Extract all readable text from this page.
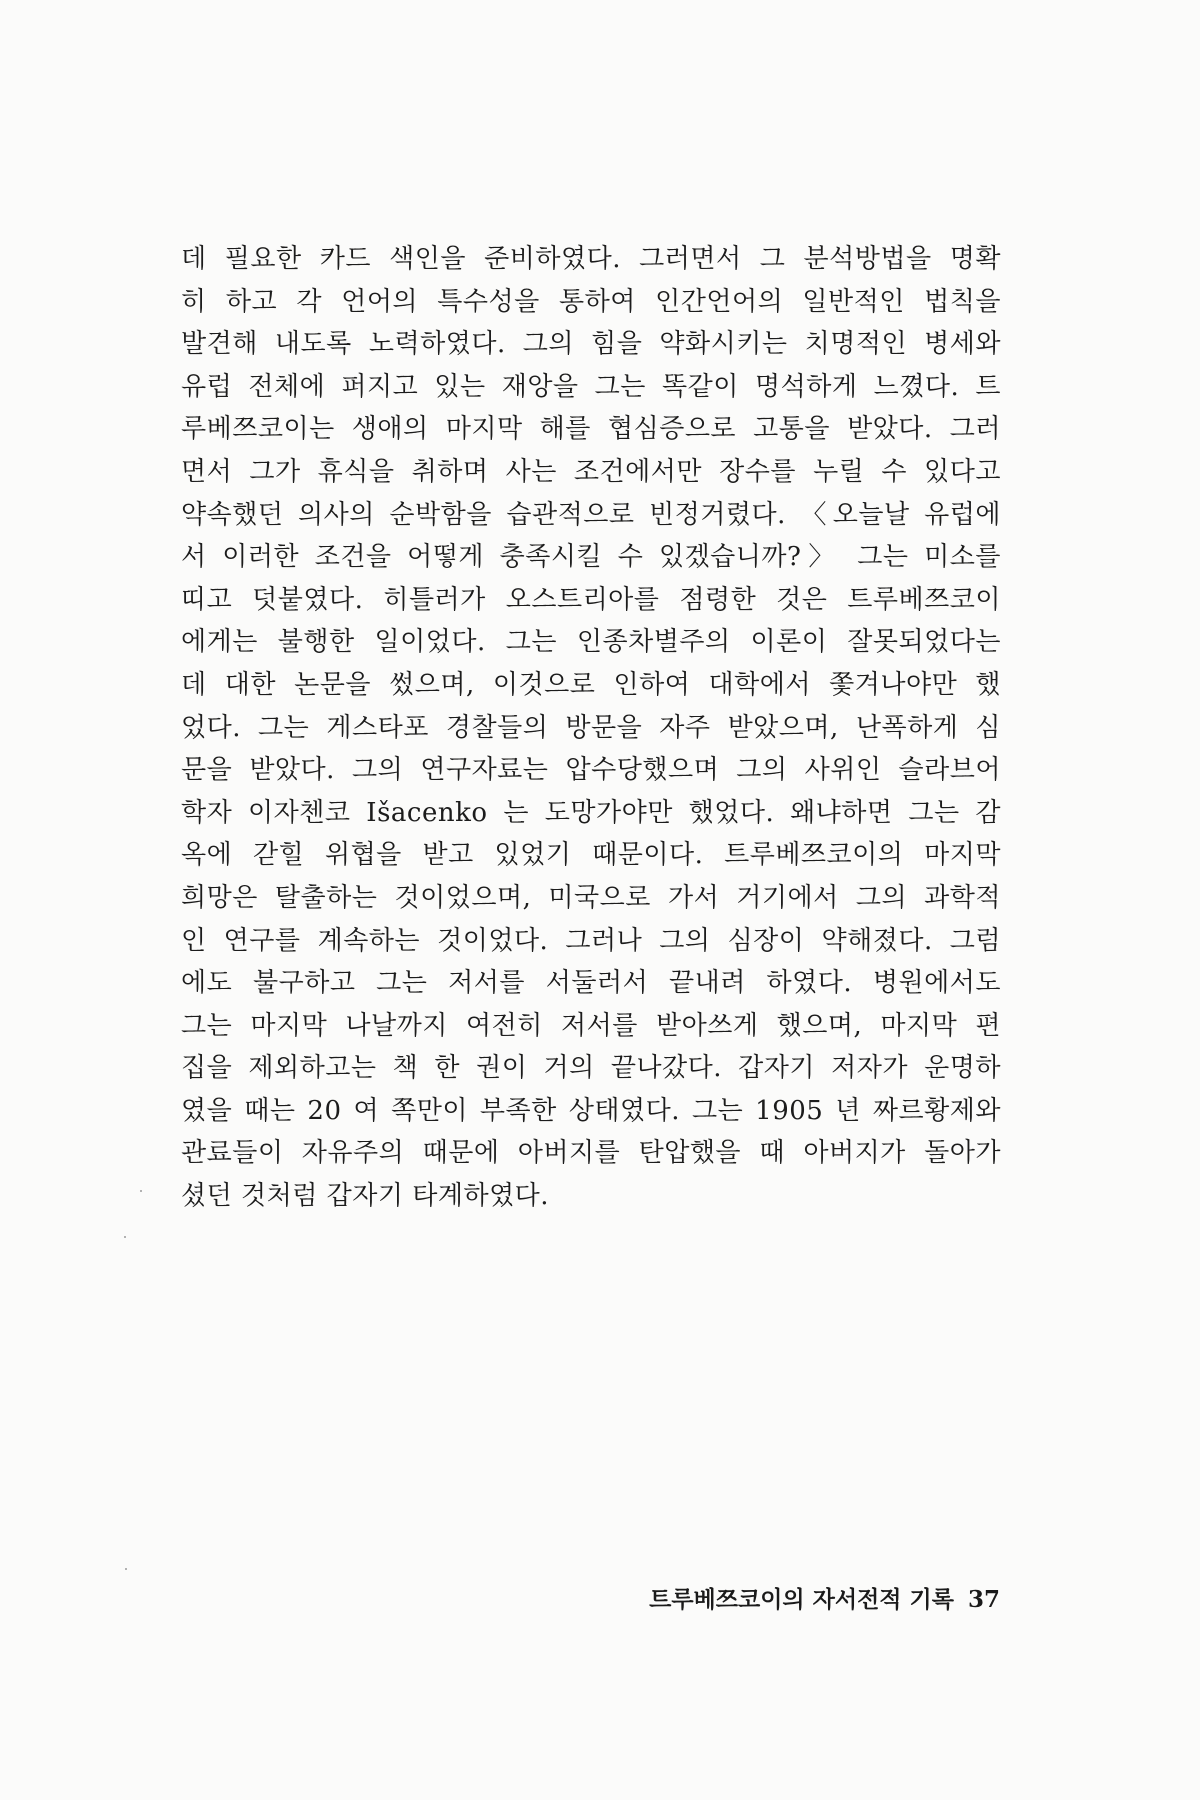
데 필요한 카드 색인을 준비하였다. 그러면서 그 분석방법을 명확
히 하고 각 언어의 특수성을 통하여 인간언어의 일반적인 법칙을
발견해 내도록 노력하였다. 그의 힘을 약화시키는 치명적인 병세와
유럽 전체에 퍼지고 있는 재앙을 그는 똑같이 명석하게 느꼈다. 트
루베쯔코이는 생애의 마지막 해를 협심증으로 고통을 받았다. 그러
면서 그가 휴식을 취하며 사는 조건에서만 장수를 누릴 수 있다고
약속했던 의사의 순박함을 습관적으로 빈정거렸다. 〈오늘날 유럽에
서 이러한 조건을 어떻게 충족시킬 수 있겠습니까?〉 그는 미소를
띠고 덧붙였다. 히틀러가 오스트리아를 점령한 것은 트루베쯔코이
에게는 불행한 일이었다. 그는 인종차별주의 이론이 잘못되었다는
데 대한 논문을 썼으며, 이것으로 인하여 대학에서 쫓겨나야만 했
었다. 그는 게스타포 경찰들의 방문을 자주 받았으며, 난폭하게 심
문을 받았다. 그의 연구자료는 압수당했으며 그의 사위인 슬라브어
학자 이자첸코 Išacenko 는 도망가야만 했었다. 왜냐하면 그는 감
옥에 갇힐 위협을 받고 있었기 때문이다. 트루베쯔코이의 마지막
희망은 탈출하는 것이었으며, 미국으로 가서 거기에서 그의 과학적
인 연구를 계속하는 것이었다. 그러나 그의 심장이 약해졌다. 그럼
에도 불구하고 그는 저서를 서둘러서 끝내려 하였다. 병원에서도
그는 마지막 나날까지 여전히 저서를 받아쓰게 했으며, 마지막 편
집을 제외하고는 책 한 권이 거의 끝나갔다. 갑자기 저자가 운명하
였을 때는 20 여 쪽만이 부족한 상태였다. 그는 1905 년 짜르황제와
관료들이 자유주의 때문에 아버지를 탄압했을 때 아버지가 돌아가
셨던 것처럼 갑자기 타계하였다.
트루베쯔코이의 자서전적 기록 37
